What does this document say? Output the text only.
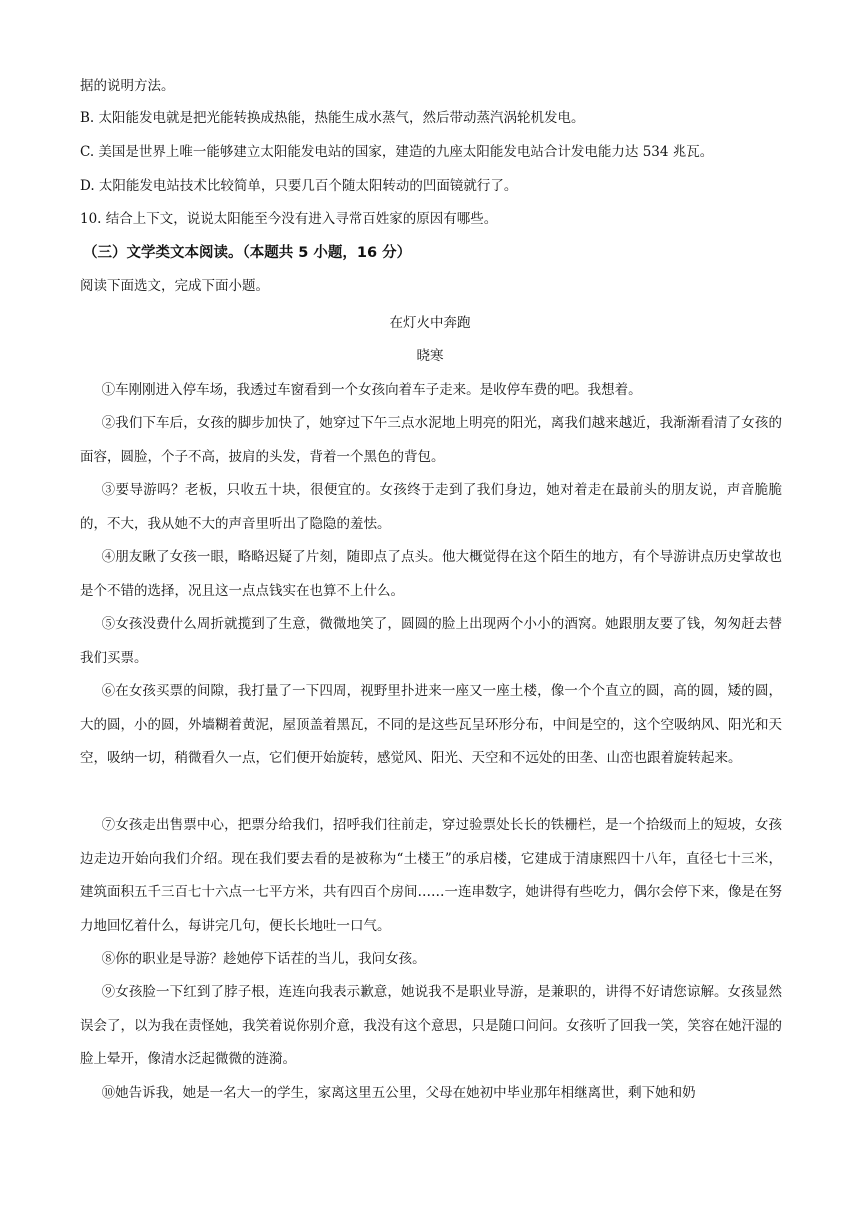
据的说明方法。
B. 太阳能发电就是把光能转换成热能，热能生成水蒸气，然后带动蒸汽涡轮机发电。
C. 美国是世界上唯一能够建立太阳能发电站的国家，建造的九座太阳能发电站合计发电能力达 534 兆瓦。
D. 太阳能发电站技术比较简单，只要几百个随太阳转动的凹面镜就行了。
10. 结合上下文，说说太阳能至今没有进入寻常百姓家的原因有哪些。
（三）文学类文本阅读。（本题共 5 小题，16 分）
阅读下面选文，完成下面小题。
在灯火中奔跑
晓寒
①车刚刚进入停车场，我透过车窗看到一个女孩向着车子走来。是收停车费的吧。我想着。
②我们下车后，女孩的脚步加快了，她穿过下午三点水泥地上明亮的阳光，离我们越来越近，我渐渐看清了女孩的面容，圆脸，个子不高，披肩的头发，背着一个黑色的背包。
③要导游吗？老板，只收五十块，很便宜的。女孩终于走到了我们身边，她对着走在最前头的朋友说，声音脆脆的，不大，我从她不大的声音里听出了隐隐的羞怯。
④朋友瞅了女孩一眼，略略迟疑了片刻，随即点了点头。他大概觉得在这个陌生的地方，有个导游讲点历史掌故也是个不错的选择，况且这一点点钱实在也算不上什么。
⑤女孩没费什么周折就揽到了生意，微微地笑了，圆圆的脸上出现两个小小的酒窝。她跟朋友要了钱，匆匆赶去替我们买票。
⑥在女孩买票的间隙，我打量了一下四周，视野里扑进来一座又一座土楼，像一个个直立的圆，高的圆，矮的圆，大的圆，小的圆，外墙糊着黄泥，屋顶盖着黑瓦，不同的是这些瓦呈环形分布，中间是空的，这个空吸纳风、阳光和天空，吸纳一切，稍微看久一点，它们便开始旋转，感觉风、阳光、天空和不远处的田垄、山峦也跟着旋转起来。
⑦女孩走出售票中心，把票分给我们，招呼我们往前走，穿过验票处长长的铁栅栏，是一个拾级而上的短坡，女孩边走边开始向我们介绍。现在我们要去看的是被称为“土楼王”的承启楼，它建成于清康熙四十八年，直径七十三米，建筑面积五千三百七十六点一七平方米，共有四百个房间……一连串数字，她讲得有些吃力，偶尔会停下来，像是在努力地回忆着什么，每讲完几句，便长长地吐一口气。
⑧你的职业是导游？趁她停下话茬的当儿，我问女孩。
⑨女孩脸一下红到了脖子根，连连向我表示歉意，她说我不是职业导游，是兼职的，讲得不好请您谅解。女孩显然误会了，以为我在责怪她，我笑着说你别介意，我没有这个意思，只是随口问问。女孩听了回我一笑，笑容在她汗湿的脸上晕开，像清水泛起微微的涟漪。
⑩她告诉我，她是一名大一的学生，家离这里五公里，父母在她初中毕业那年相继离世，剩下她和奶
